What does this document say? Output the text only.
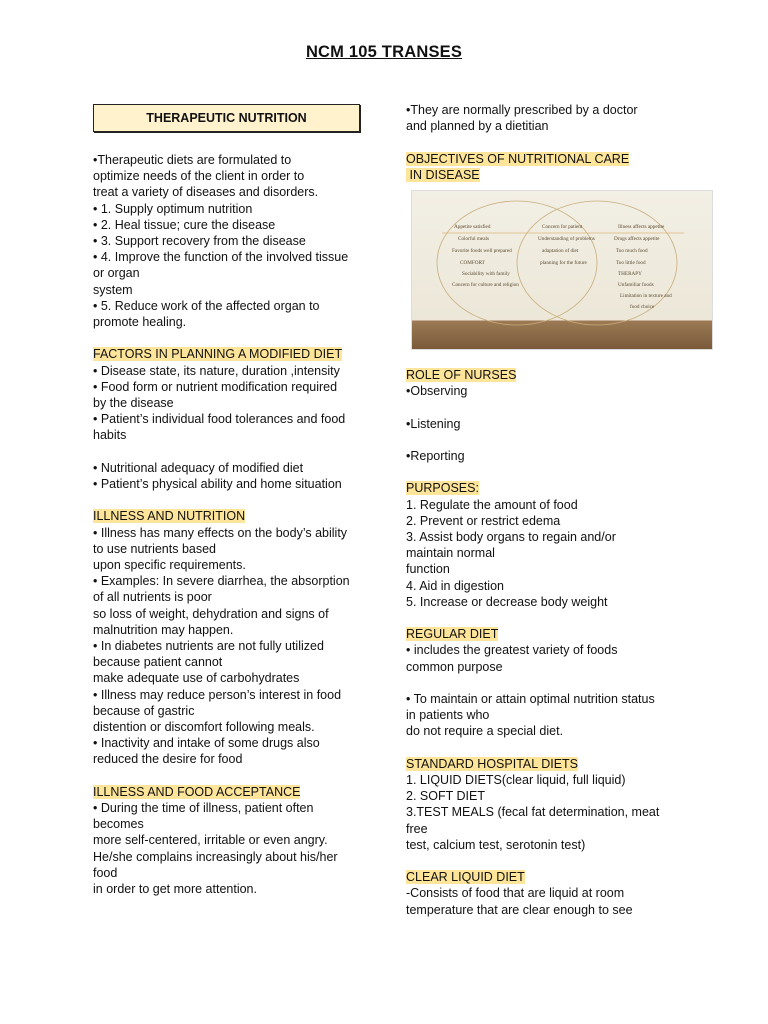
NCM 105 TRANSES
THERAPEUTIC NUTRITION
•Therapeutic diets are formulated to
optimize needs of the client in order to
treat a variety of diseases and disorders.
• 1. Supply optimum nutrition
• 2. Heal tissue; cure the disease
• 3. Support recovery from the disease
• 4. Improve the function of the involved tissue
or organ
system
• 5. Reduce work of the affected organ to
promote healing.
FACTORS IN PLANNING A MODIFIED DIET
• Disease state, its nature, duration ,intensity
• Food form or nutrient modification required
by the disease
• Patient’s individual food tolerances and food
habits
• Nutritional adequacy of modified diet
• Patient’s physical ability and home situation
ILLNESS AND NUTRITION
• Illness has many effects on the body’s ability
to use nutrients based
upon specific requirements.
• Examples: In severe diarrhea, the absorption
of all nutrients is poor
so loss of weight, dehydration and signs of
malnutrition may happen.
• In diabetes nutrients are not fully utilized
because patient cannot
make adequate use of carbohydrates
• Illness may reduce person’s interest in food
because of gastric
distention or discomfort following meals.
• Inactivity and intake of some drugs also
reduced the desire for food
ILLNESS AND FOOD ACCEPTANCE
• During the time of illness, patient often
becomes
more self-centered, irritable or even angry.
He/she complains increasingly about his/her
food
in order to get more attention.
•They are normally prescribed by a doctor
and planned by a dietitian
OBJECTIVES OF NUTRITIONAL CARE
IN DISEASE
Appetite satisfied
Colorful meals
Favorite foods well prepared
COMFORT
Sociability with family
Concern for culture and religion
Concern for patient
Understanding of problems
adaptation of diet
planning for the future
Illness affects appetite
Drugs affects appetite
Too much food
Too little food
THERAPY
Unfamiliar foods
Limitation in texture and
food choice
ROLE OF NURSES
•Observing
•Listening
•Reporting
PURPOSES:
1. Regulate the amount of food
2. Prevent or restrict edema
3. Assist body organs to regain and/or
maintain normal
function
4. Aid in digestion
5. Increase or decrease body weight
REGULAR DIET
• includes the greatest variety of foods
common purpose
• To maintain or attain optimal nutrition status
in patients who
do not require a special diet.
STANDARD HOSPITAL DIETS
1. LIQUID DIETS(clear liquid, full liquid)
2. SOFT DIET
3.TEST MEALS (fecal fat determination, meat
free
test, calcium test, serotonin test)
CLEAR LIQUID DIET
-Consists of food that are liquid at room
temperature that are clear enough to see
